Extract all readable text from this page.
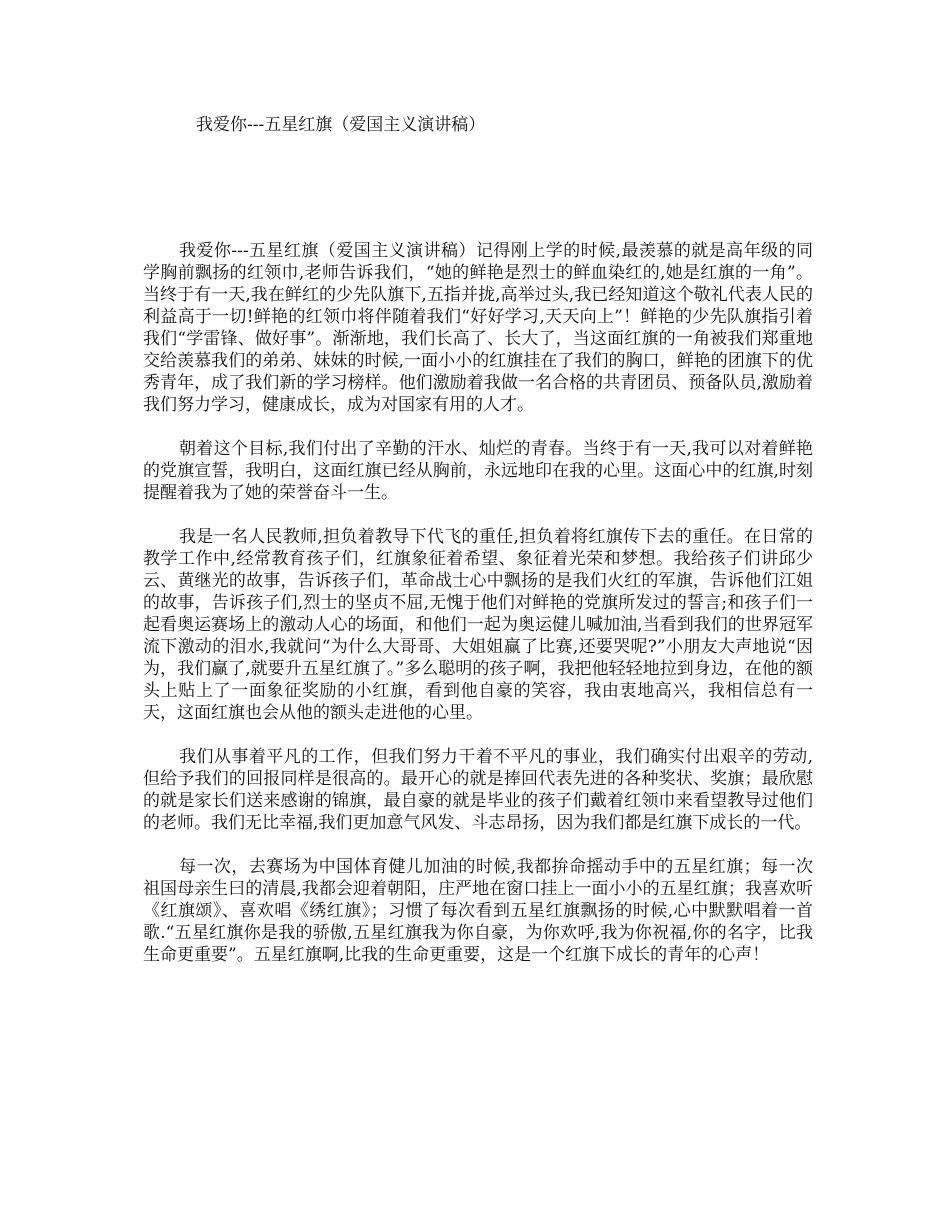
我爱你---五星红旗（爱国主义演讲稿）

我爱你---五星红旗（爱国主义演讲稿）记得刚上学的时候,最羡慕的就是高年级的同学胸前飘扬的红领巾,老师告诉我们，“她的鲜艳是烈士的鲜血染红的,她是红旗的一角”。当终于有一天,我在鲜红的少先队旗下,五指并拢,高举过头,我已经知道这个敬礼代表人民的利益高于一切!鲜艳的红领巾将伴随着我们“好好学习,天天向上”！鲜艳的少先队旗指引着我们“学雷锋、做好事”。渐渐地，我们长高了、长大了，当这面红旗的一角被我们郑重地交给羡慕我们的弟弟、妹妹的时候,一面小小的红旗挂在了我们的胸口，鲜艳的团旗下的优秀青年，成了我们新的学习榜样。他们激励着我做一名合格的共青团员、预备队员,激励着我们努力学习，健康成长，成为对国家有用的人才。

朝着这个目标,我们付出了辛勤的汗水、灿烂的青春。当终于有一天,我可以对着鲜艳的党旗宣誓，我明白，这面红旗已经从胸前，永远地印在我的心里。这面心中的红旗,时刻提醒着我为了她的荣誉奋斗一生。

我是一名人民教师,担负着教导下代飞的重任,担负着将红旗传下去的重任。在日常的教学工作中,经常教育孩子们，红旗象征着希望、象征着光荣和梦想。我给孩子们讲邱少云、黄继光的故事，告诉孩子们，革命战士心中飘扬的是我们火红的军旗，告诉他们江姐的故事，告诉孩子们,烈士的坚贞不屈,无愧于他们对鲜艳的党旗所发过的誓言;和孩子们一起看奥运赛场上的激动人心的场面，和他们一起为奥运健儿喊加油,当看到我们的世界冠军流下激动的泪水,我就问“为什么大哥哥、大姐姐赢了比赛,还要哭呢?”小朋友大声地说“因为，我们赢了,就要升五星红旗了。”多么聪明的孩子啊，我把他轻轻地拉到身边，在他的额头上贴上了一面象征奖励的小红旗，看到他自豪的笑容，我由衷地高兴，我相信总有一天，这面红旗也会从他的额头走进他的心里。

我们从事着平凡的工作，但我们努力干着不平凡的事业，我们确实付出艰辛的劳动,但给予我们的回报同样是很高的。最开心的就是捧回代表先进的各种奖状、奖旗；最欣慰的就是家长们送来感谢的锦旗，最自豪的就是毕业的孩子们戴着红领巾来看望教导过他们的老师。我们无比幸福,我们更加意气风发、斗志昂扬，因为我们都是红旗下成长的一代。

每一次，去赛场为中国体育健儿加油的时候,我都拚命摇动手中的五星红旗；每一次祖国母亲生曰的清晨,我都会迎着朝阳，庄严地在窗口挂上一面小小的五星红旗；我喜欢听《红旗颂》、喜欢唱《绣红旗》；习惯了每次看到五星红旗飘扬的时候,心中默默唱着一首歌.“五星红旗你是我的骄傲,五星红旗我为你自豪，为你欢呼,我为你祝福,你的名字，比我生命更重要”。五星红旗啊,比我的生命更重要，这是一个红旗下成长的青年的心声！
